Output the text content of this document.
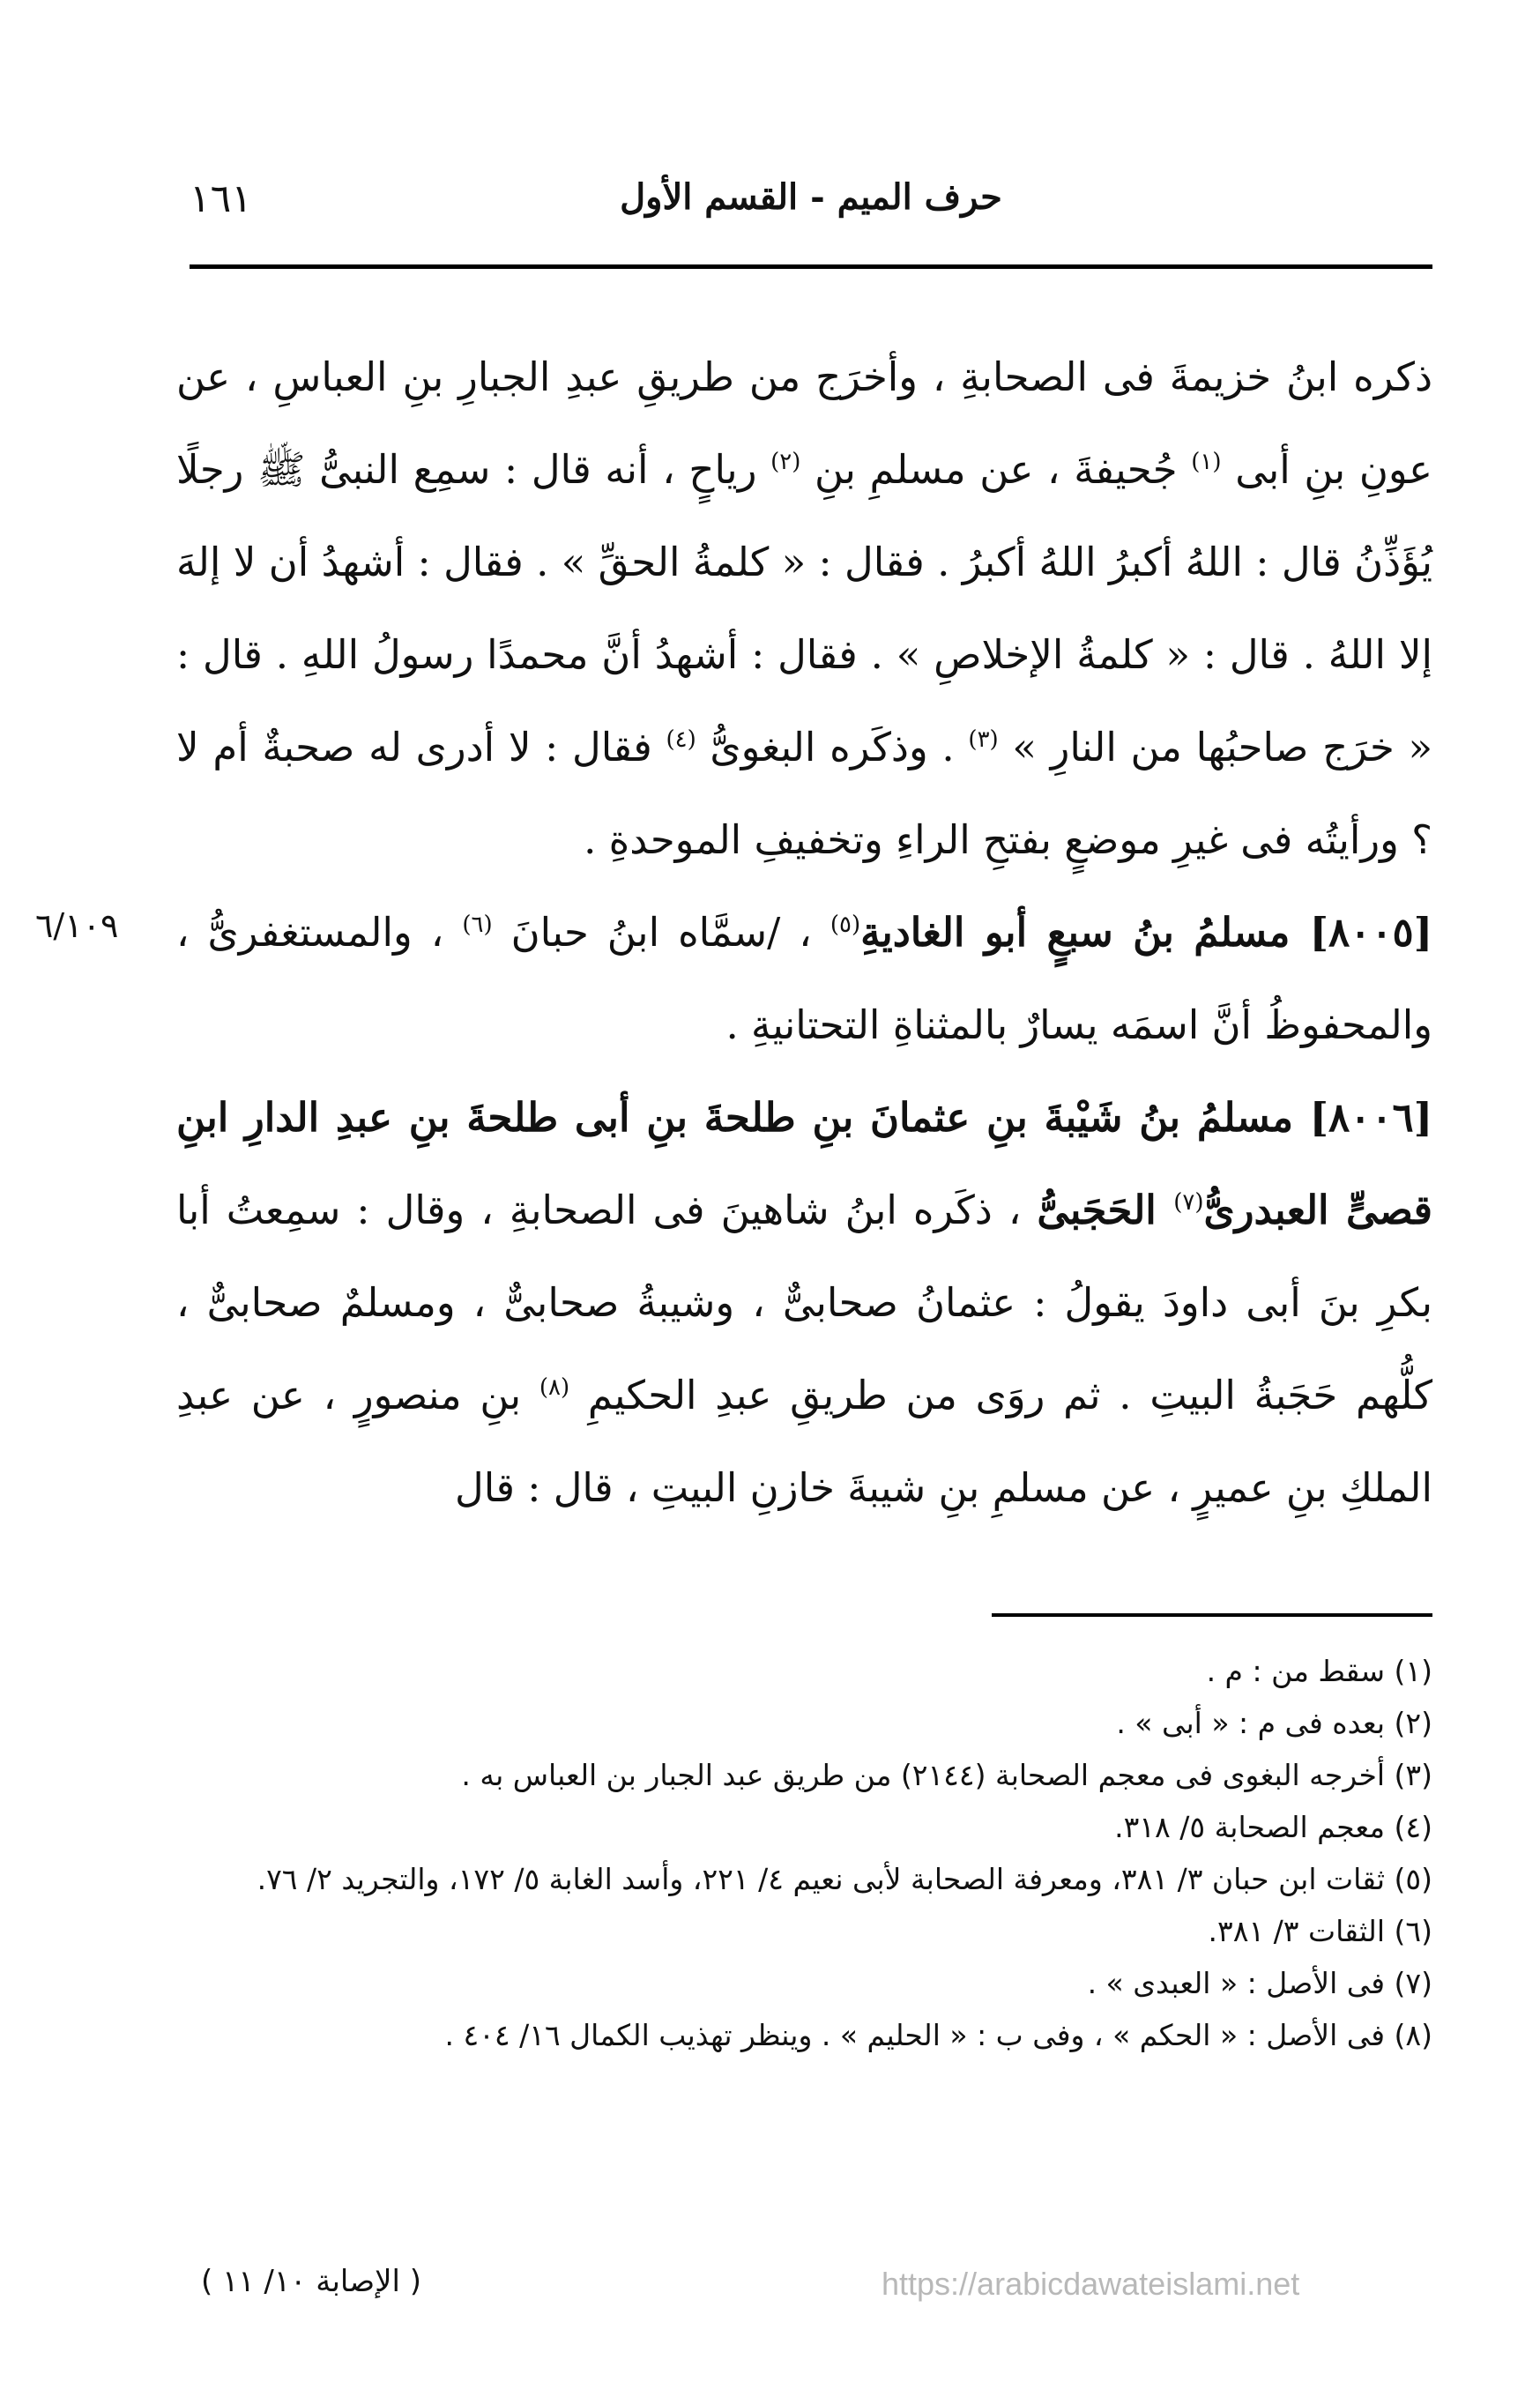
حرف الميم - القسم الأول
١٦١

ذكره ابنُ خزيمةَ فى الصحابةِ ، وأخرَج من طريقِ عبدِ الجبارِ بنِ العباسِ ، عن عونِ بنِ أبى $^{(١)}$ جُحيفةَ ، عن مسلمِ بنِ $^{(٢)}$ رياحٍ ، أنه قال : سمِع النبىُّ ﷺ رجلًا يُؤَذِّنُ قال : اللهُ أكبرُ اللهُ أكبرُ . فقال : « كلمةُ الحقِّ » . فقال : أشهدُ أن لا إلهَ إلا اللهُ . قال : « كلمةُ الإخلاصِ » . فقال : أشهدُ أنَّ محمدًا رسولُ اللهِ . قال : « خرَج صاحبُها من النارِ » $^{(٣)}$ . وذكَره البغوىُّ $^{(٤)}$ فقال : لا أدرى له صحبةٌ أم لا ؟ ورأيتُه فى غيرِ موضعٍ بفتحِ الراءِ وتخفيفِ الموحدةِ .

[٨٠٠٥] مسلمُ بنُ سبعٍ أبو الغاديةِ$^{(٥)}$ ، /سمَّاه ابنُ حبانَ $^{(٦)}$ ، والمستغفرىُّ ، والمحفوظُ أنَّ اسمَه يسارٌ بالمثناةِ التحتانيةِ .

[٨٠٠٦] مسلمُ بنُ شَيْبةَ بنِ عثمانَ بنِ طلحةَ بنِ أبى طلحةَ بنِ عبدِ الدارِ ابنِ قصىٍّ العبدرىُّ$^{(٧)}$ الحَجَبىُّ ، ذكَره ابنُ شاهينَ فى الصحابةِ ، وقال : سمِعتُ أبا بكرِ بنَ أبى داودَ يقولُ : عثمانُ صحابىٌّ ، وشيبةُ صحابىٌّ ، ومسلمٌ صحابىٌّ ، كلُّهم حَجَبةُ البيتِ . ثم روَى من طريقِ عبدِ الحكيمِ $^{(٨)}$ بنِ منصورٍ ، عن عبدِ الملكِ بنِ عميرٍ ، عن مسلمِ بنِ شيبةَ خازنِ البيتِ ، قال : قال

٦/١٠٩

(١) سقط من : م .

(٢) بعده فى م : « أبى » .

(٣) أخرجه البغوى فى معجم الصحابة (٢١٤٤) من طريق عبد الجبار بن العباس به .

(٤) معجم الصحابة ٥/ ٣١٨.

(٥) ثقات ابن حبان ٣/ ٣٨١، ومعرفة الصحابة لأبى نعيم ٤/ ٢٢١، وأسد الغابة ٥/ ١٧٢، والتجريد ٢/ ٧٦.

(٦) الثقات ٣/ ٣٨١.

(٧) فى الأصل : « العبدى » .

(٨) فى الأصل : « الحكم » ، وفى ب : « الحليم » . وينظر تهذيب الكمال ١٦/ ٤٠٤ .

( الإصابة ١٠/ ١١ )	https://arabicdawateislami.net
